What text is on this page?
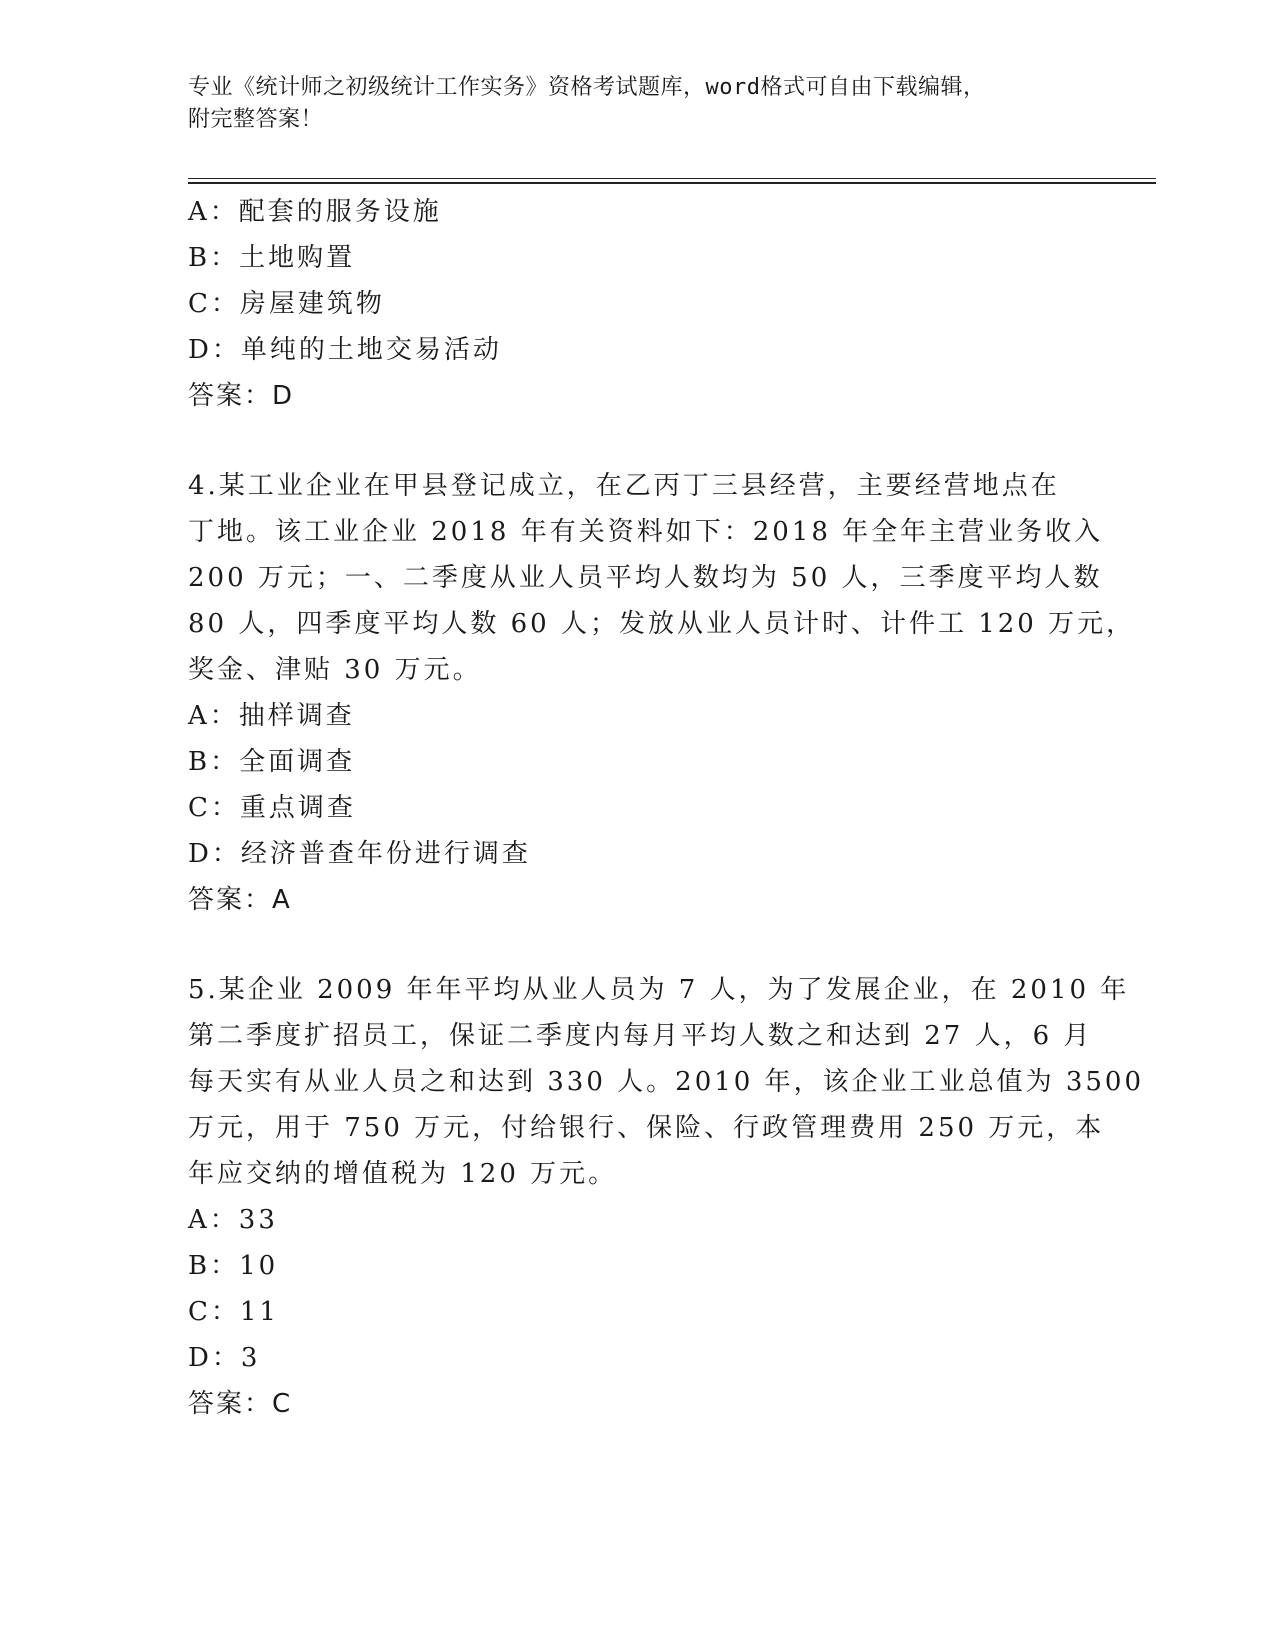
专业《统计师之初级统计工作实务》资格考试题库，word格式可自由下载编辑，
附完整答案！
A：配套的服务设施
B：土地购置
C：房屋建筑物
D：单纯的土地交易活动
答案：D
4.某工业企业在甲县登记成立，在乙丙丁三县经营，主要经营地点在
丁地。该工业企业 2018 年有关资料如下：2018 年全年主营业务收入
200 万元；一、二季度从业人员平均人数均为 50 人，三季度平均人数
80 人，四季度平均人数 60 人；发放从业人员计时、计件工 120 万元，
奖金、津贴 30 万元。
A：抽样调查
B：全面调查
C：重点调查
D：经济普查年份进行调查
答案：A
5.某企业 2009 年年平均从业人员为 7 人，为了发展企业，在 2010 年
第二季度扩招员工，保证二季度内每月平均人数之和达到 27 人，6 月
每天实有从业人员之和达到 330 人。2010 年，该企业工业总值为 3500
万元，用于 750 万元，付给银行、保险、行政管理费用 250 万元，本
年应交纳的增值税为 120 万元。
A：33
B：10
C：11
D：3
答案：C
